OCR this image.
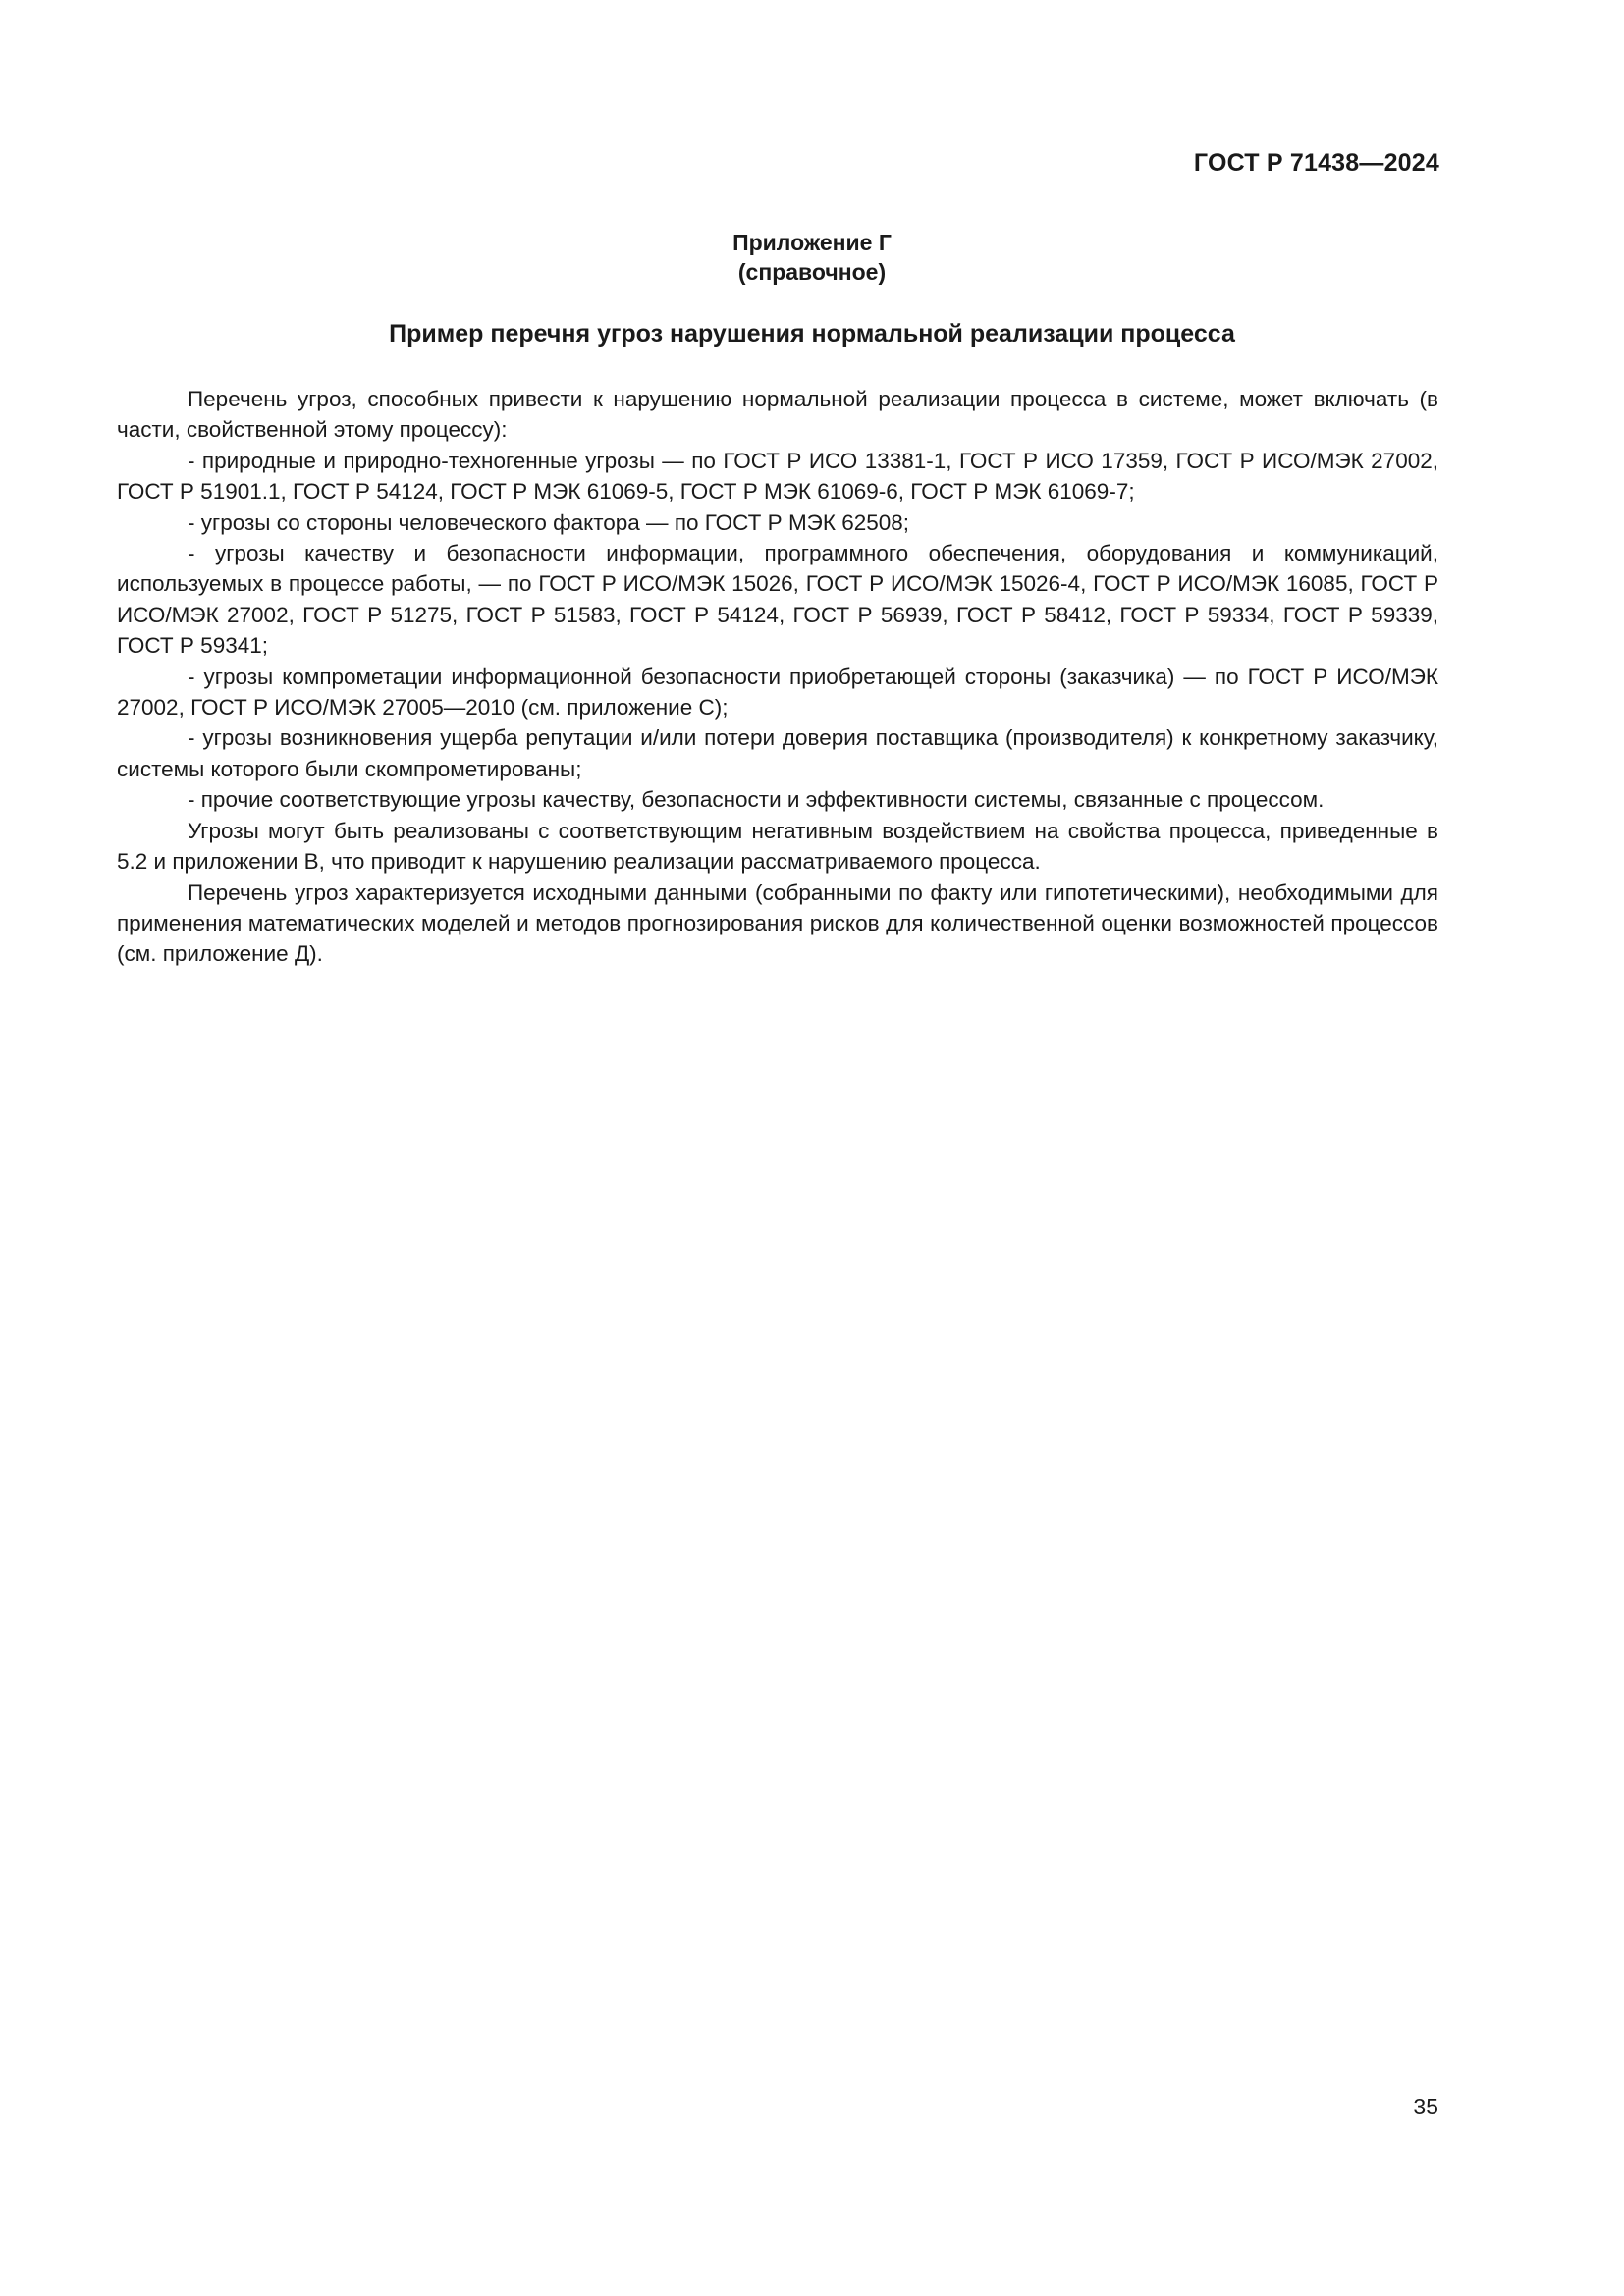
ГОСТ Р 71438—2024
Приложение Г
(справочное)
Пример перечня угроз нарушения нормальной реализации процесса

Перечень угроз, способных привести к нарушению нормальной реализации процесса в системе, может включать (в части, свойственной этому процессу):

- природные и природно-техногенные угрозы — по ГОСТ Р ИСО 13381-1, ГОСТ Р ИСО 17359, ГОСТ Р ИСО/МЭК 27002, ГОСТ Р 51901.1, ГОСТ Р 54124, ГОСТ Р МЭК 61069-5, ГОСТ Р МЭК 61069-6, ГОСТ Р МЭК 61069-7;

- угрозы со стороны человеческого фактора — по ГОСТ Р МЭК 62508;

- угрозы качеству и безопасности информации, программного обеспечения, оборудования и коммуникаций, используемых в процессе работы, — по ГОСТ Р ИСО/МЭК 15026, ГОСТ Р ИСО/МЭК 15026-4, ГОСТ Р ИСО/МЭК 16085, ГОСТ Р ИСО/МЭК 27002, ГОСТ Р 51275, ГОСТ Р 51583, ГОСТ Р 54124, ГОСТ Р 56939, ГОСТ Р 58412, ГОСТ Р 59334, ГОСТ Р 59339, ГОСТ Р 59341;

- угрозы компрометации информационной безопасности приобретающей стороны (заказчика) — по ГОСТ Р ИСО/МЭК 27002, ГОСТ Р ИСО/МЭК 27005—2010 (см. приложение С);

- угрозы возникновения ущерба репутации и/или потери доверия поставщика (производителя) к конкретному заказчику, системы которого были скомпрометированы;

- прочие соответствующие угрозы качеству, безопасности и эффективности системы, связанные с процессом.

Угрозы могут быть реализованы с соответствующим негативным воздействием на свойства процесса, приведенные в 5.2 и приложении В, что приводит к нарушению реализации рассматриваемого процесса.

Перечень угроз характеризуется исходными данными (собранными по факту или гипотетическими), необходимыми для применения математических моделей и методов прогнозирования рисков для количественной оценки возможностей процессов (см. приложение Д).

35
